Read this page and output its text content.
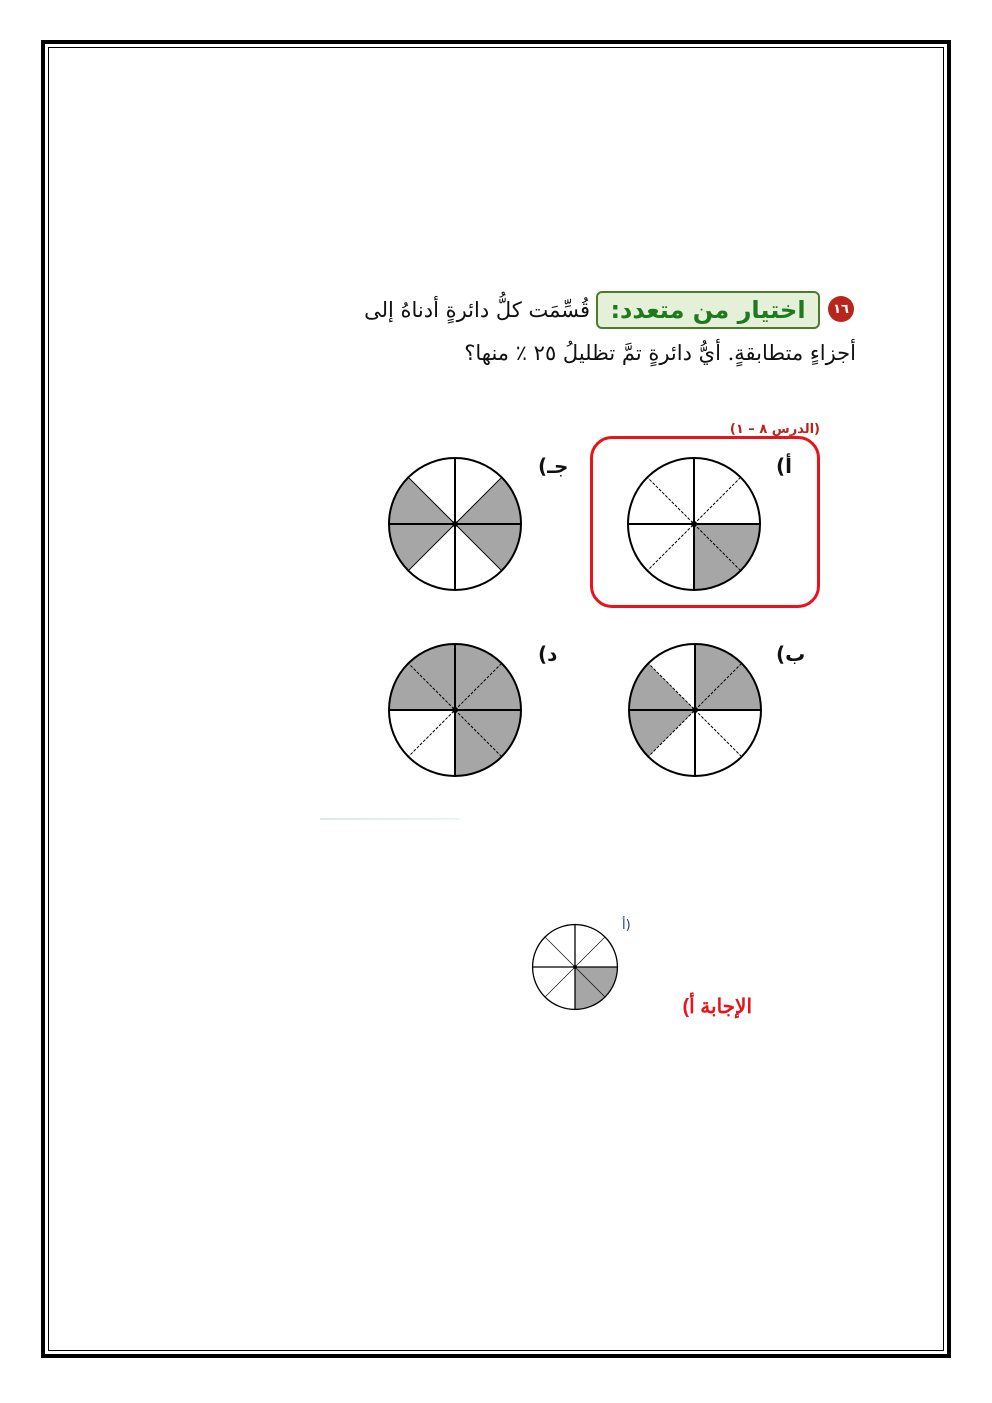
١٦
اختيار من متعدد:
قُسِّمَت كلُّ دائرةٍ أدناهُ إلى
أجزاءٍ متطابقةٍ. أيُّ دائرةٍ تمَّ تظليلُ ٢٥ ٪ منها؟
(الدرس ٨ – ١)
أ)
ب)
جـ)
د)
أ)
الإجابة أ)
